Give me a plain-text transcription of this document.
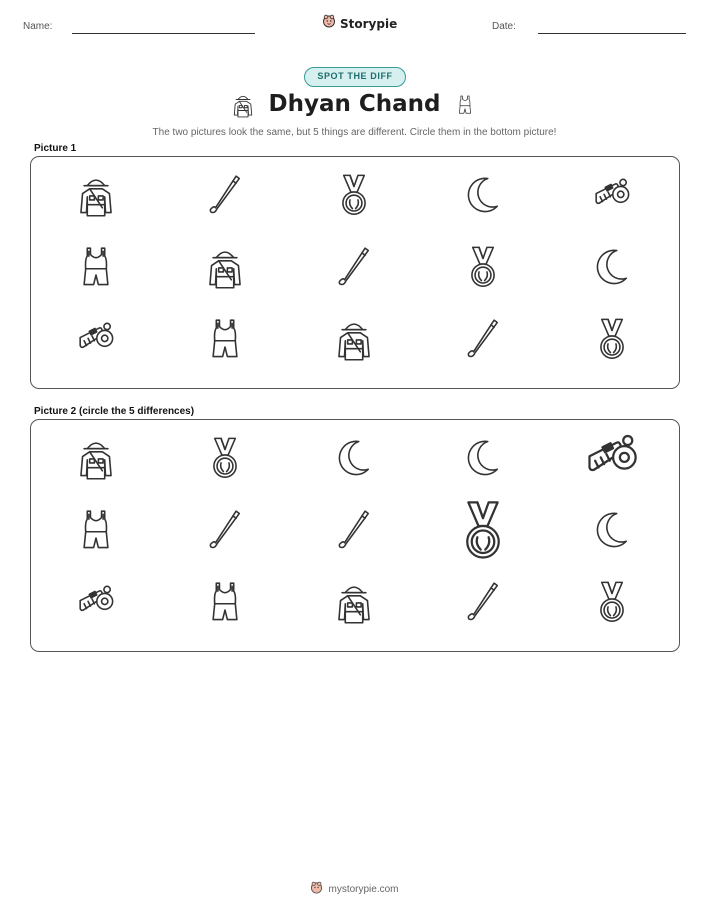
Name:	Storypie	Date:
SPOT THE DIFF
Dhyan Chand
The two pictures look the same, but 5 things are different. Circle them in the bottom picture!
Picture 1
Picture 2 (circle the 5 differences)
mystorypie.com
